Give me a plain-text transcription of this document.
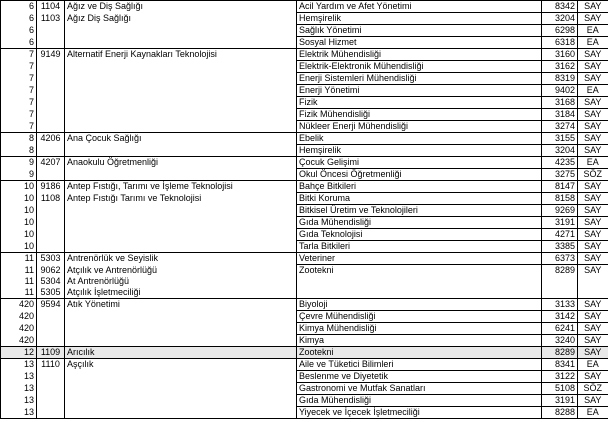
6	1104	Ağız ve Diş Sağlığı	Acil Yardım ve Afet Yönetimi	8342	SAY
6	1103	Ağız Diş Sağlığı	Hemşirelik	3204	SAY
6			Sağlık Yönetimi	6298	EA
6			Sosyal Hizmet	6318	EA
7	9149	Alternatif Enerji Kaynakları Teknolojisi	Elektrik Mühendisliği	3160	SAY
7			Elektrik-Elektronik Mühendisliği	3162	SAY
7			Enerji Sistemleri Mühendisliği	8319	SAY
7			Enerji Yönetimi	9402	EA
7			Fizik	3168	SAY
7			Fizik Mühendisliği	3184	SAY
7			Nükleer Enerji Mühendisliği	3274	SAY
8	4206	Ana Çocuk Sağlığı	Ebelik	3155	SAY
8			Hemşirelik	3204	SAY
9	4207	Anaokulu Öğretmenliği	Çocuk Gelişimi	4235	EA
9			Okul Öncesi Öğretmenliği	3275	SÖZ
10	9186	Antep Fıstığı, Tarımı ve İşleme Teknolojisi	Bahçe Bitkileri	8147	SAY
10	1108	Antep Fıstığı Tarımı ve Teknolojisi	Bitki Koruma	8158	SAY
10			Bitkisel Üretim ve Teknolojileri	9269	SAY
10			Gıda Mühendisliği	3191	SAY
10			Gıda Teknolojisi	4271	SAY
10			Tarla Bitkileri	3385	SAY
11	5303	Antrenörlük ve Seyislik	Veteriner	6373	SAY
11	9062	Atçılık ve Antrenörlüğü	Zootekni	8289	SAY
11	5304	At Antrenörlüğü			
11	5305	Atçılık İşletmeciliği			
420	9594	Atık Yönetimi	Biyoloji	3133	SAY
420			Çevre Mühendisliği	3142	SAY
420			Kimya Mühendisliği	6241	SAY
420			Kimya	3240	SAY
12	1109	Arıcılık	Zootekni	8289	SAY
13	1110	Aşçılık	Aile ve Tüketici Bilimleri	8341	EA
13			Beslenme ve Diyetetik	3122	SAY
13			Gastronomi ve Mutfak Sanatları	5108	SÖZ
13			Gıda Mühendisliği	3191	SAY
13			Yiyecek ve İçecek İşletmeciliği	8288	EA
